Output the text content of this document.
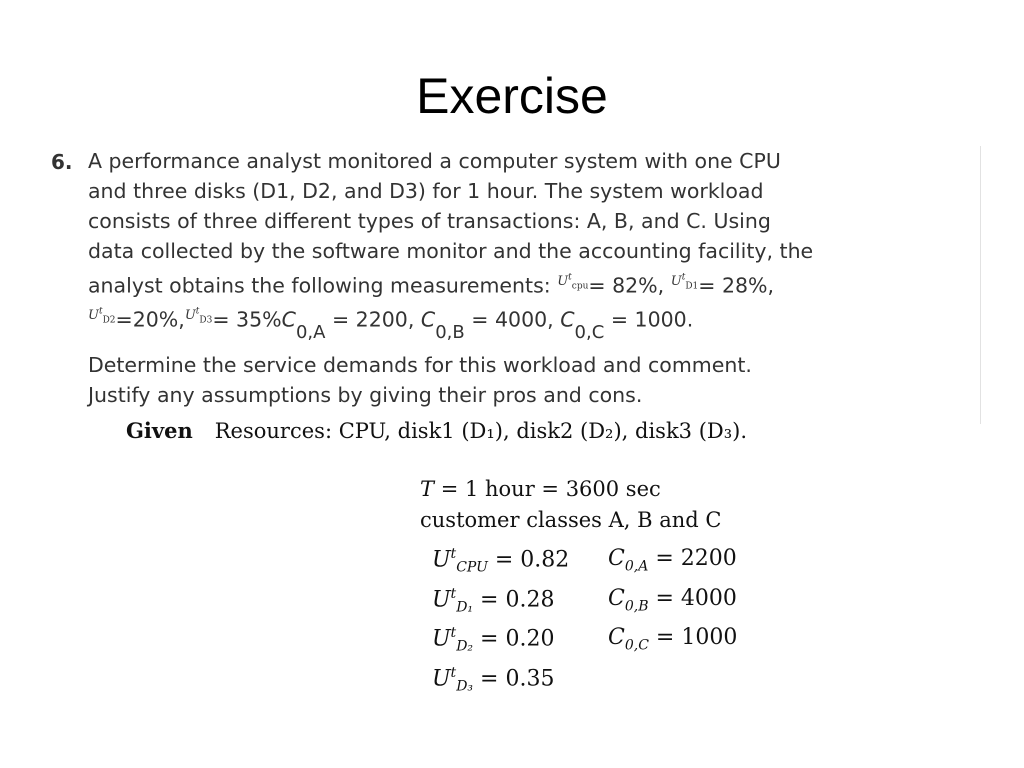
Exercise
6. A performance analyst monitored a computer system with one CPU
and three disks (D1, D2, and D3) for 1 hour. The system workload
consists of three different types of transactions: A, B, and C. Using
data collected by the software monitor and the accounting facility, the
analyst obtains the following measurements: $^{U^t_{cpu}}$= 82%, $^{U^t_{D1}}$= 28%,
$^{U^t_{D2}}$=20%,$^{U^t_{D3}}$= 35%C0,A = 2200, C0,B = 4000, C0,C = 1000.
Determine the service demands for this workload and comment.
Justify any assumptions by giving their pros and cons.
Given Resources: CPU, disk1 (D₁), disk2 (D₂), disk3 (D₃).
T = 1 hour = 3600 sec
customer classes A, B and C
$U^t_{CPU} = 0.82$ $C_{0,A} = 2200$
$U^t_{D_1} = 0.28$ $C_{0,B} = 4000$
$U^t_{D_2} = 0.20$ $C_{0,C} = 1000$
$U^t_{D_3} = 0.35$
